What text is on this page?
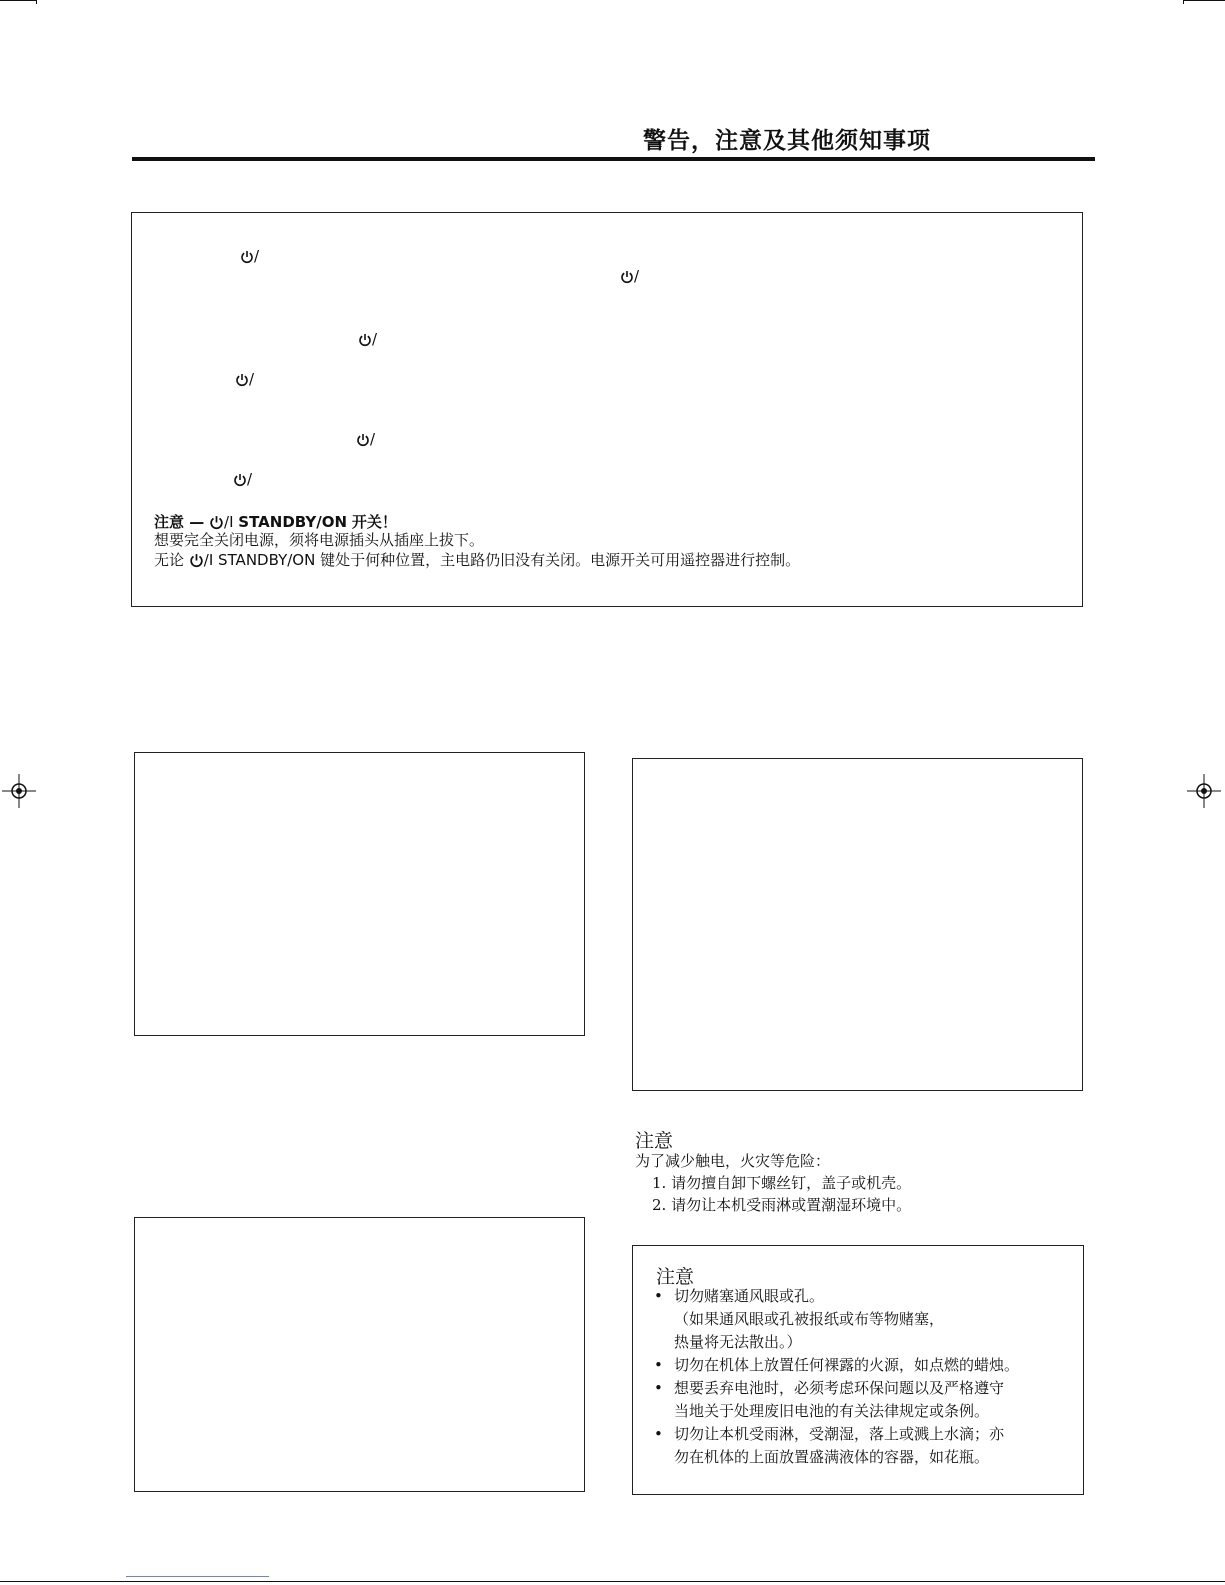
警告，注意及其他须知事项
/
/
/
/
/
/
注意 — /I STANDBY/ON 开关！
想要完全关闭电源，须将电源插头从插座上拔下。
无论 /I STANDBY/ON 键处于何种位置，主电路仍旧没有关闭。电源开关可用遥控器进行控制。
注意
为了减少触电，火灾等危险：
1. 请勿擅自卸下螺丝钉，盖子或机壳。
2. 请勿让本机受雨淋或置潮湿环境中。
注意
• 切勿赌塞通风眼或孔。
（如果通风眼或孔被报纸或布等物赌塞，
热量将无法散出。）
• 切勿在机体上放置任何裸露的火源，如点燃的蜡烛。
• 想要丢弃电池时，必须考虑环保问题以及严格遵守
当地关于处理废旧电池的有关法律规定或条例。
• 切勿让本机受雨淋，受潮湿，落上或溅上水滴；亦
勿在机体的上面放置盛满液体的容器，如花瓶。
